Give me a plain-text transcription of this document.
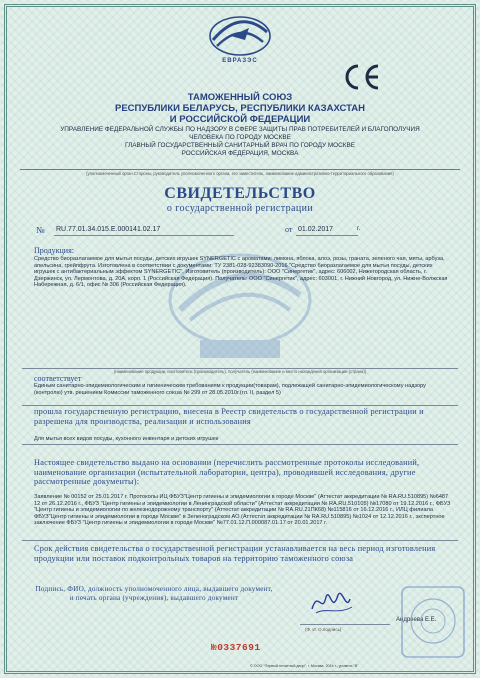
ЕВРАЗЭС
ТАМОЖЕННЫЙ СОЮЗ
РЕСПУБЛИКИ БЕЛАРУСЬ, РЕСПУБЛИКИ КАЗАХСТАН
И РОССИЙСКОЙ ФЕДЕРАЦИИ
УПРАВЛЕНИЕ ФЕДЕРАЛЬНОЙ СЛУЖБЫ ПО НАДЗОРУ В СФЕРЕ ЗАЩИТЫ ПРАВ ПОТРЕБИТЕЛЕЙ И БЛАГОПОЛУЧИЯ
ЧЕЛОВЕКА ПО ГОРОДУ МОСКВЕ
ГЛАВНЫЙ ГОСУДАРСТВЕННЫЙ САНИТАРНЫЙ ВРАЧ ПО ГОРОДУ МОСКВЕ
РОССИЙСКАЯ ФЕДЕРАЦИЯ, МОСКВА
(уполномоченный орган Стороны, руководитель уполномоченного органа, его заместитель, наименование административно-территориального образования)
СВИДЕТЕЛЬСТВО
о государственной регистрации
№ RU.77.01.34.015.E.000141.02.17	от 01.02.2017	г.
Продукция:
Средство биоразлагаемое для мытья посуды, детских игрушек SYNERGETIC с ароматами: лимона, яблока, алоэ, розы, граната, зеленого чая, мяты, арбуза, апельсина, грейпфрута. Изготовлена в соответствии с документами: ТУ 2381-028-92383090-2016 "Средство биоразлагаемое для мытья посуды, детских игрушек с антибактериальным эффектом SYNERGETIC". Изготовитель (производитель): ООО "Синергетик", адрес: 606002, Нижегородская область, г. Дзержинск, ул. Лермонтова, д. 20А, корп. 1 (Российская Федерация). Получатель: ООО "Синергетик", адрес: 603001, г. Нижний Новгород, ул. Нижне-Волжская Набережная, д. 6/1, офис № 306 (Российская Федерация).
(наименование продукции, изготовитель (производитель), получатель (наименование и место нахождения организации (страна))
соответствует
Единым санитарно-эпидемиологическим и гигиеническим требованиям к продукции(товарам), подлежащей санитарно-эпидемиологическому надзору (контролю) утв. решением Комиссии таможенного союза № 299 от 28.05.2010г.(гл. II, раздел 5)
прошла государственную регистрацию, внесена в Реестр свидетельств о государственной регистрации и разрешена для производства, реализации и использования
Для мытья всех видов посуды, кухонного инвентаря и детских игрушек
Настоящее свидетельство выдано на основании (перечислить рассмотренные протоколы исследований, наименование организации (испытательной лаборатории, центра), проводившей исследования, другие рассмотренные документы):
Заявление № 00152 от 25.01.2017 г. Протоколы ИЦ ФБУЗ"Центр гигиены и эпидемиологии в городе Москве" (Аттестат аккредитации № RA.RU.510895) №6487 12 от 26.12.2016 г., ФБУЗ "Центр гигиены и эпидемиологии в Ленинградской области" (Аттестат аккредитации № RA.RU.510105) №17080 от 19.12.2016 г., ФБУЗ "Центр гигиены и эпидемиологии по железнодорожному транспорту" (Аттестат аккредитации № RA.RU.21ПК68) №115816 от 16.12.2016 г., ИЛЦ филиала ФБУЗ"Центр гигиены и эпидемиологии в городе Москве" в Зеленоградском АО (Аттестат аккредитации № RA.RU.510895) №1024 от 12.12.2016 г., экспертное заключение ФБУЗ "Центр гигиены и эпидемиологии в городе Москве" №77.01.12.П.000087.01.17 от 20.01.2017 г.
Срок действия свидетельства о государственной регистрации устанавливается на весь период изготовления продукции или поставок подконтрольных товаров на территорию таможенного союза
Подпись, ФИО, должность уполномоченного лица, выдавшего документ, и печать органа (учреждения), выдавшего документ
(Ф. И. О.подпись)
Андреева Е.Е.
№0337691
© ООО "Первый печатный двор", г. Москва, 2016 г., уровень "В"
